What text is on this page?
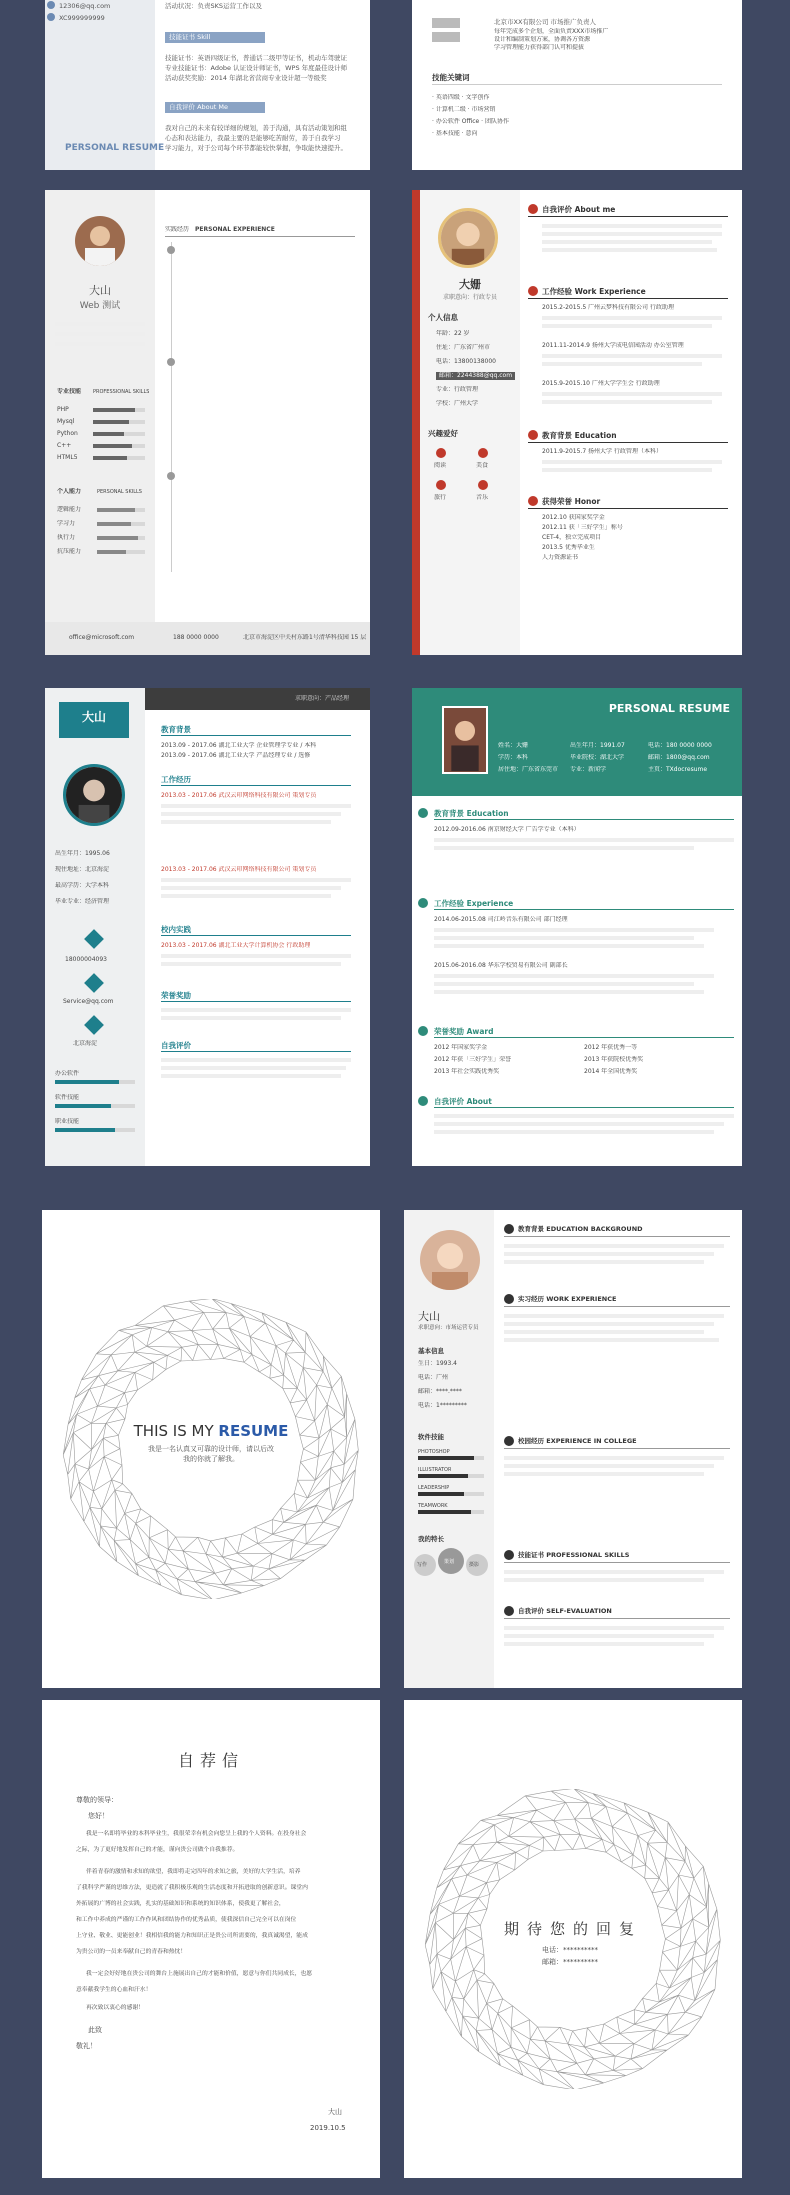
12306@qq.com
XC999999999
活动状况：负责SKS运营工作以及
技能证书 Skill
技能证书：英语四级证书，普通话二级甲等证书，机动车驾驶证
专业技能证书：Adobe 认证设计师证书，WPS 年度最佳设计师
活动获奖奖励：2014 年湖北省营商专业设计超一等级奖
自我评价 About Me
我对自己的未来有较详细的规划，善于沟通，具有活动策划和组
心态和表达能力，我最主要的是能够吃苦耐劳，善于自我学习
学习能力，对于公司每个环节都能较快掌握，争取能快速提升。
PERSONAL RESUME
北京市XX有限公司 市场推广负责人
每年完成多个企划，全面负责XXX市场推广
设计和编制策划方案，协调各方资源
学习管理能力获得部门认可和提拔
技能关键词
· 英语四级 · 文字创作
· 计算机二级 · 市场营销
· 办公软件 Office · 团队协作
· 基本技能 · 意向
大山
Web 测试
专业技能 PROFESSIONAL SKILLS
PHP
Mysql
Python
C++
HTML5
个人能力	PERSONAL SKILLS
逻辑能力
学习力
执行力
抗压能力
实践经历 PERSONAL EXPERIENCE
office@microsoft.com	188 0000 0000	北京市海淀区中关村东路1号清华科技园 15 层
大姗
求职意向：行政专员
个人信息
年龄：22 岁
住址：广东省广州市
电话：13800138000
邮箱：2244388@qq.com
专业：行政管理
学校：广州大学
兴趣爱好
阅读	美食
旅行	音乐
自我评价 About me
工作经验 Work Experience
2015.2-2015.5 广州云梦科技有限公司 行政助理
2011.11-2014.9 扬州大学成电信园活动 办公室管理
2015.9-2015.10 广州大学学生会 行政助理
教育背景 Education
2011.9-2015.7 扬州大学 行政管理（本科）
获得荣誉 Honor
2012.10 获国家奖学金
2012.11 获「三好学生」称号
CET-4，独立完成项目
2013.5 优秀毕业生
人力资源证书
求职意向：产品经理
大山
出生年月：1995.06
现住地址：北京海淀
最高学历：大学本科
毕业专业：经济管理
18000004093
Service@qq.com
北京海淀
办公软件
软件技能
职业技能
教育背景
2013.09 - 2017.06 湖北工业大学 企业管理学专业 / 本科
2013.09 - 2017.06 湖北工业大学 产品经理专业 / 选修
工作经历
2013.03 - 2017.06 武汉云印网络科技有限公司 策划专员
2013.03 - 2017.06 武汉云印网络科技有限公司 策划专员
校内实践
2013.03 - 2017.06 湖北工业大学计算机协会 行政助理
荣誉奖励
自我评价
PERSONAL RESUME
姓名：大姗	出生年月：1991.07	电话：180 0000 0000
学历：本科	毕业院校：湖北大学	邮箱：1800@qq.com
居住地：广东省东莞市 专业：新闻学	主页：TXdocresume
教育背景 Education
2012.09-2016.06 南京财经大学 广告学专业（本科）
工作经验 Experience
2014.06-2015.08 司江岭音乐有限公司 部门经理
2015.06-2016.08 华东学校贸易有限公司 副部长
荣誉奖励 Award
2012 年国家奖学金	2012 年获优秀一等
2012 年获「三好学生」荣誉	2013 年获院校优秀奖
2013 年社会实践优秀奖	2014 年全国优秀奖
自我评价 About
THIS IS MY RESUME
我是一名认真又可靠的设计师，请以后改
我的你就了解我。
大山
求职意向：市场运营专员
基本信息
生日：1993.4
电话：广州
邮箱：****.****
电话：1*********
软件技能
PHOTOSHOP
ILLUSTRATOR
LEADERSHIP
TEAMWORK
我的特长
写作	策划	摄影
教育背景 EDUCATION BACKGROUND
实习经历 WORK EXPERIENCE
校园经历 EXPERIENCE IN COLLEGE
技能证书 PROFESSIONAL SKILLS
自我评价 SELF-EVALUATION
自荐信
尊敬的领导：
您好！
我是一名即将毕业的本科毕业生，我很荣幸有机会向您呈上我的个人资料。在投身社会
之际，为了更好地发挥自己的才能，谨向贵公司做个自我推荐。
伴着青春的激情和求知的欲望，我即将走完四年的求知之旅，美好的大学生活，培养
了我科学严谨的思维方法，更造就了我积极乐观的生活态度和开拓进取的创新意识。课堂内
外拓展的广博的社会实践，扎实的基础知识和系统的知识体系，使我更了解社会，
和工作中养成的严谨的工作作风和团结协作的优秀品质，使我深信自己完全可以在岗位
上守业、敬业、更能创业！我相信我的能力和知识正是贵公司所需要的，我真诚渴望，能成
为贵公司的一员来奉献自己的青春和热忱！
我一定会好好地在贵公司的舞台上施展出自己的才能和价值，愿意与你们共同成长，也愿
意奉献我学生的心血和汗水！
再次致以衷心的感谢！
此致
敬礼！
大山
2019.10.5
期待您的回复
电话：**********
邮箱：**********
